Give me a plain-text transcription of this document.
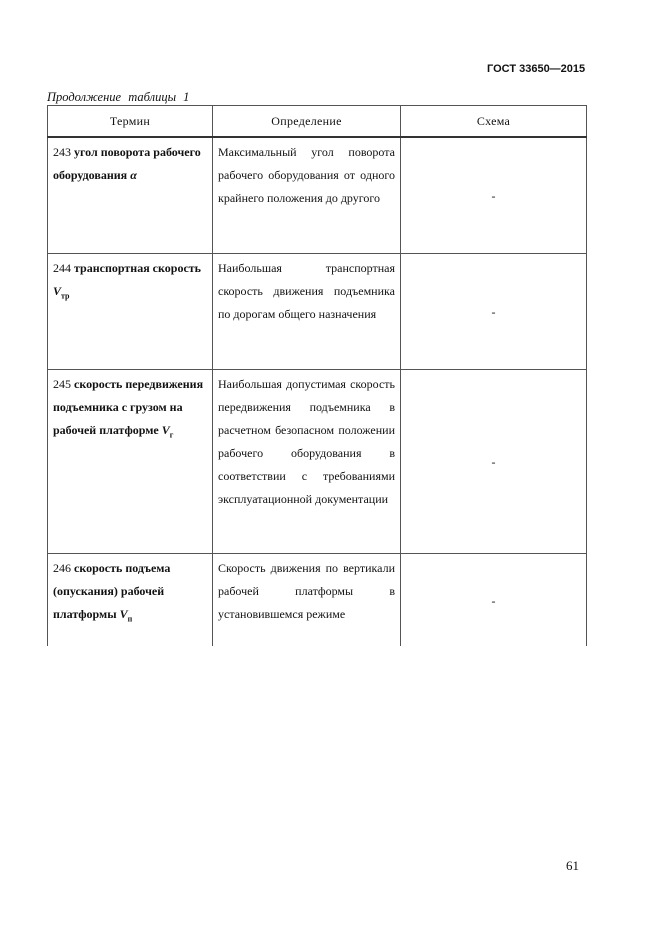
ГОСТ 33650—2015
Продолжение таблицы 1
Термин	Определение	Схема
243 угол поворота рабочего оборудования α	Максимальный угол поворота рабочего оборудования от одного крайнего положения до другого	-
244 транспортная скорость $V_{тр}$	Наибольшая транспортная скорость движения подъемника по дорогам общего назначения	-
245 скорость передвижения подъемника с грузом на рабочей платформе $V_г$	Наибольшая допустимая скорость передвижения подъемника в расчетном безопасном положении рабочего оборудования в соответствии с требованиями эксплуатационной документации	-
246 скорость подъема (опускания) рабочей платформы $V_п$	Скорость движения по вертикали рабочей платформы в установившемся режиме	-
61
